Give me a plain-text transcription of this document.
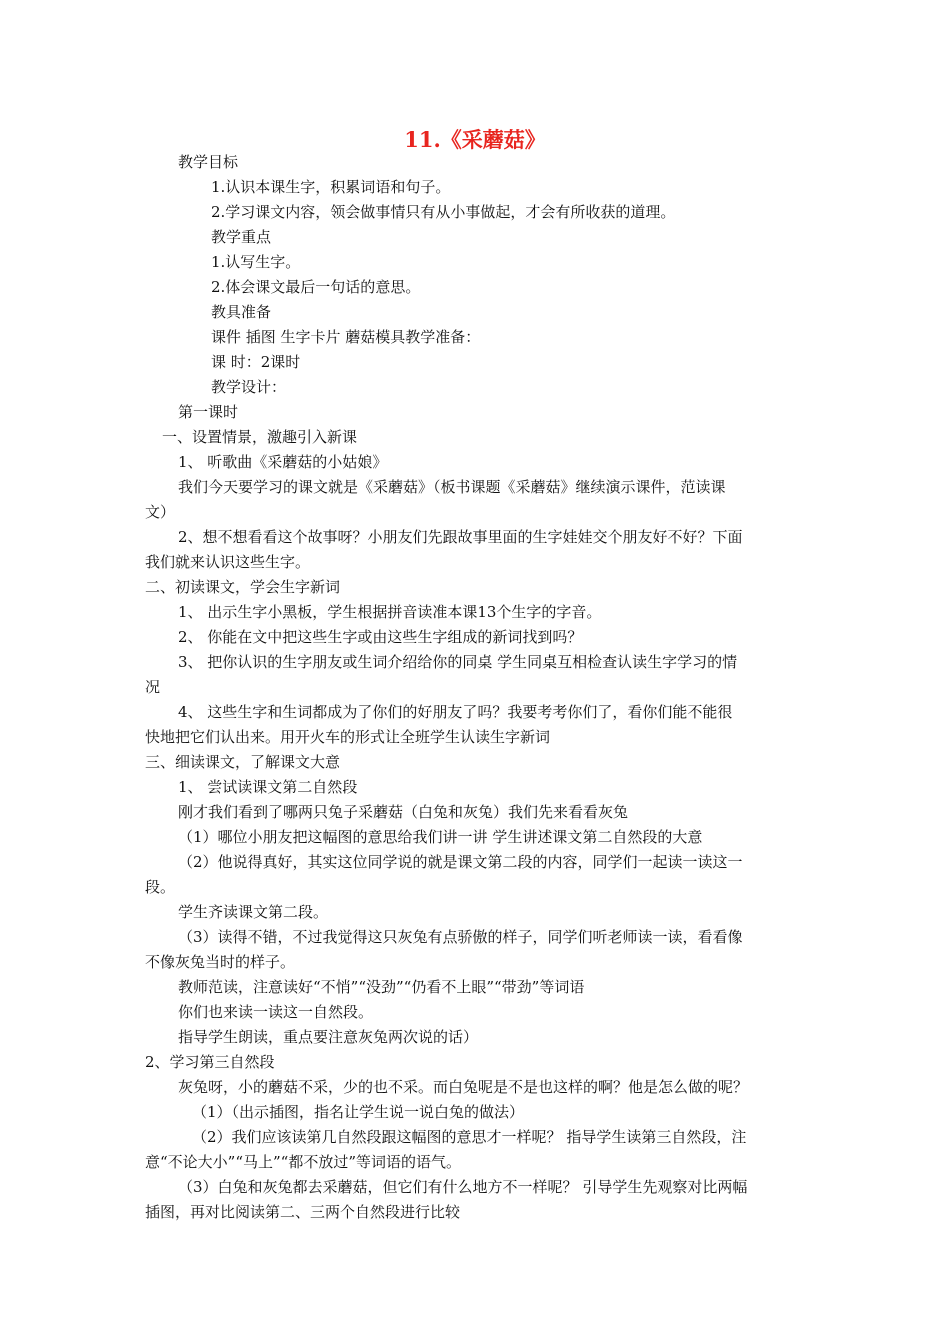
11.《采蘑菇》
教学目标
1.认识本课生字，积累词语和句子。
2.学习课文内容，领会做事情只有从小事做起，才会有所收获的道理。
教学重点
1.认写生字。
2.体会课文最后一句话的意思。
教具准备
课件 插图 生字卡片 蘑菇模具教学准备：
课 时：2课时
教学设计：
第一课时
一、设置情景，激趣引入新课
1、 听歌曲《采蘑菇的小姑娘》
我们今天要学习的课文就是《采蘑菇》（板书课题《采蘑菇》继续演示课件，范读课
文）
2、想不想看看这个故事呀？小朋友们先跟故事里面的生字娃娃交个朋友好不好？下面
我们就来认识这些生字。
二、初读课文，学会生字新词
1、 出示生字小黑板，学生根据拼音读准本课13个生字的字音。
2、 你能在文中把这些生字或由这些生字组成的新词找到吗？
3、 把你认识的生字朋友或生词介绍给你的同桌 学生同桌互相检查认读生字学习的情
况
4、 这些生字和生词都成为了你们的好朋友了吗？我要考考你们了，看你们能不能很
快地把它们认出来。用开火车的形式让全班学生认读生字新词
三、细读课文，了解课文大意
1、 尝试读课文第二自然段
刚才我们看到了哪两只兔子采蘑菇（白兔和灰兔）我们先来看看灰兔
（1）哪位小朋友把这幅图的意思给我们讲一讲 学生讲述课文第二自然段的大意
（2）他说得真好，其实这位同学说的就是课文第二段的内容，同学们一起读一读这一
段。
学生齐读课文第二段。
（3）读得不错，不过我觉得这只灰兔有点骄傲的样子，同学们听老师读一读，看看像
不像灰兔当时的样子。
教师范读，注意读好“不悄”“没劲”“仍看不上眼”“带劲”等词语
你们也来读一读这一自然段。
指导学生朗读，重点要注意灰兔两次说的话）
2、学习第三自然段
灰兔呀，小的蘑菇不采，少的也不采。而白兔呢是不是也这样的啊？他是怎么做的呢？
（1）（出示插图，指名让学生说一说白兔的做法）
（2）我们应该读第几自然段跟这幅图的意思才一样呢？ 指导学生读第三自然段，注
意“不论大小”“马上”“都不放过”等词语的语气。
（3）白兔和灰兔都去采蘑菇，但它们有什么地方不一样呢？ 引导学生先观察对比两幅
插图，再对比阅读第二、三两个自然段进行比较
